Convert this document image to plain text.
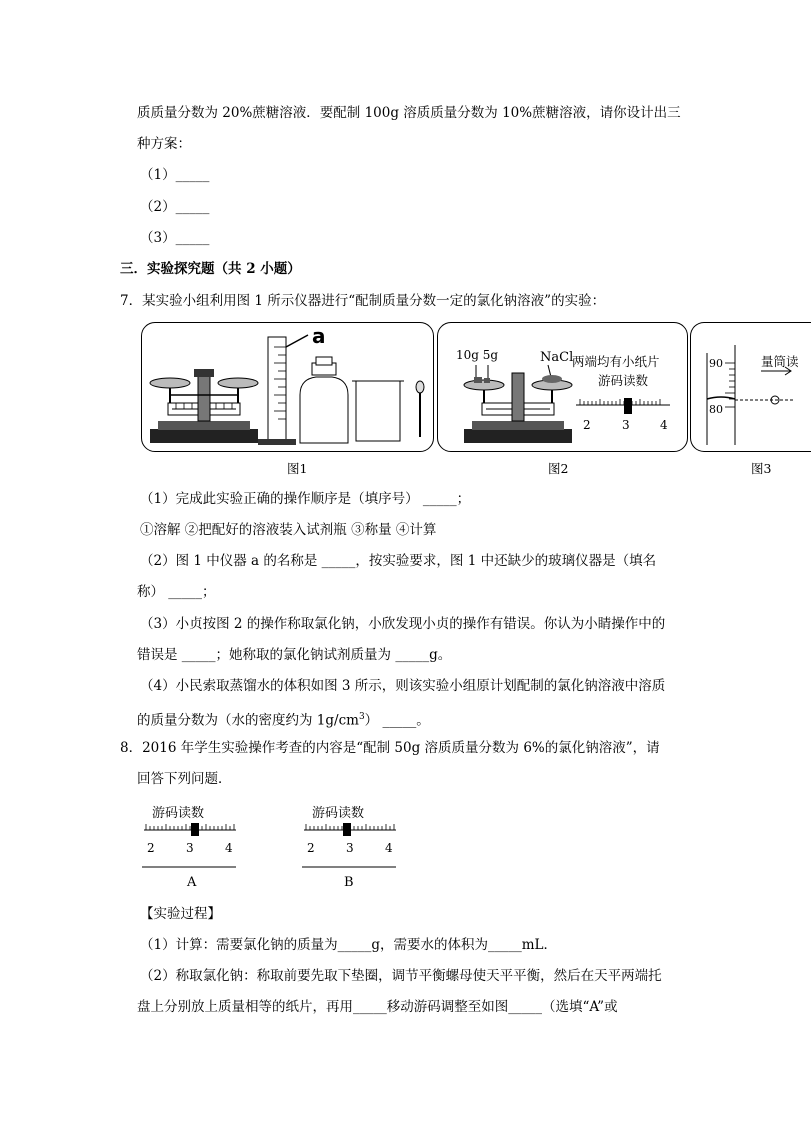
质质量分数为 20%蔗糖溶液．要配制 100g 溶质质量分数为 10%蔗糖溶液，请你设计出三
种方案：
（1）_____
（2）_____
（3）_____
三．实验探究题（共 2 小题）
7．某实验小组利用图 1 所示仪器进行“配制质量分数一定的氯化钠溶液”的实验：
a
图1
10g 5g	NaCl
两端均有小纸片
游码读数
2	3	4
图2
90
80
量筒读
图3
（1）完成此实验正确的操作顺序是（填序号） _____；
①溶解 ②把配好的溶液装入试剂瓶 ③称量 ④计算
（2）图 1 中仪器 a 的名称是 _____，按实验要求，图 1 中还缺少的玻璃仪器是（填名
称） _____；
（3）小贞按图 2 的操作称取氯化钠，小欣发现小贞的操作有错误。你认为小睛操作中的
错误是 _____；她称取的氯化钠试剂质量为 _____g。
（4）小民索取蒸馏水的体积如图 3 所示，则该实验小组原计划配制的氯化钠溶液中溶质
的质量分数为（水的密度约为 $1g/cm^3$） _____。
8．2016 年学生实验操作考查的内容是“配制 50g 溶质质量分数为 6%的氯化钠溶液”，请
回答下列问题．
游码读数
2	3	4
A
游码读数
2	3	4
B
【实验过程】
（1）计算：需要氯化钠的质量为_____g，需要水的体积为_____mL．
（2）称取氯化钠：称取前要先取下垫圈，调节平衡螺母使天平平衡，然后在天平两端托
盘上分别放上质量相等的纸片，再用_____移动游码调整至如图_____（选填“A”或
